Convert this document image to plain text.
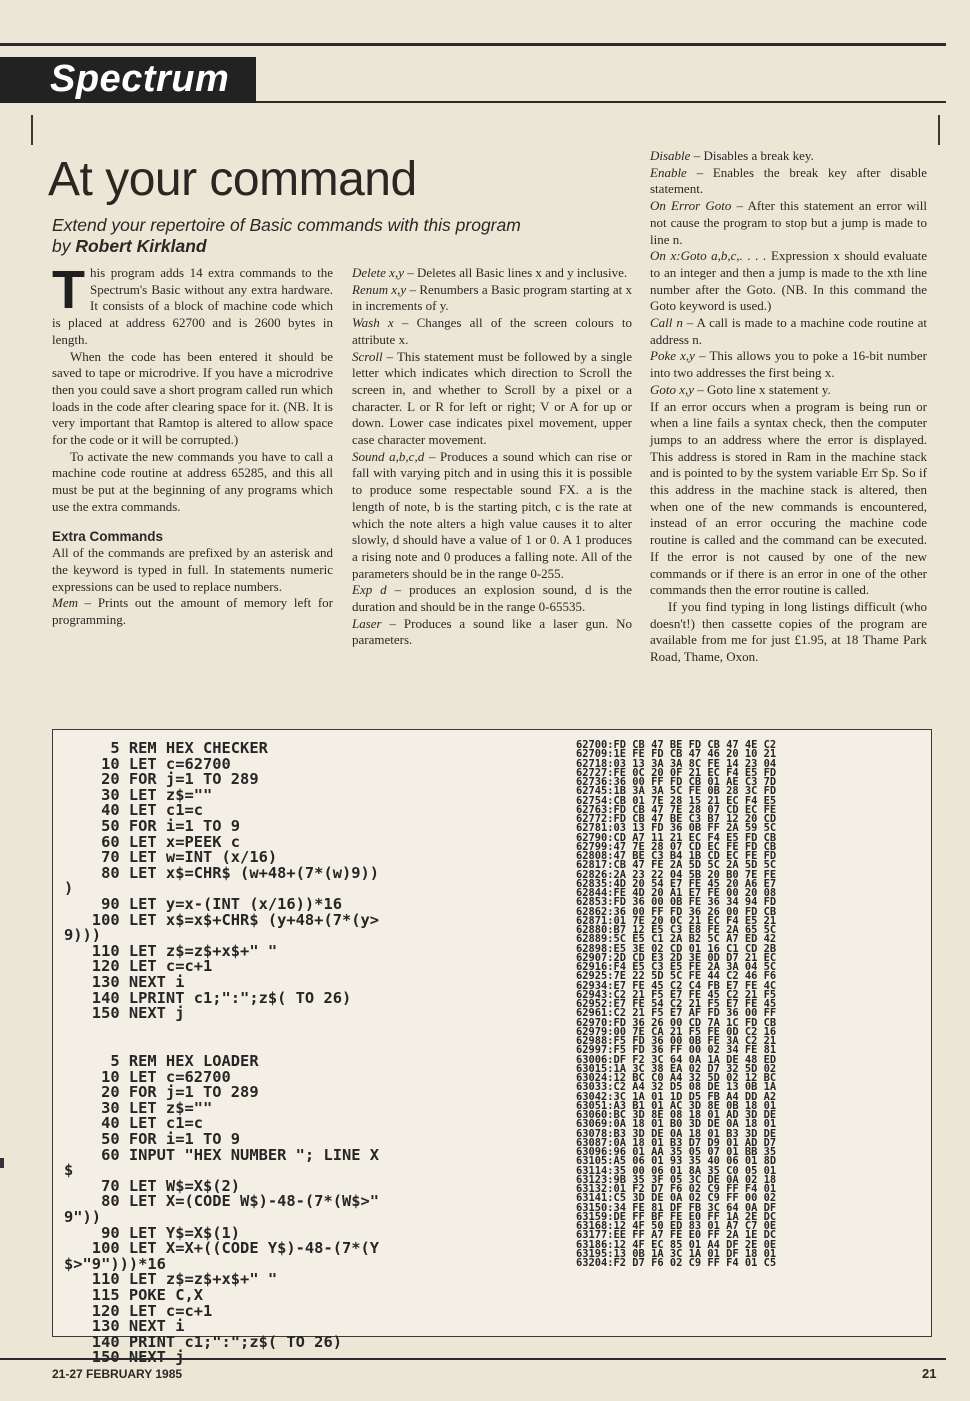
Spectrum
At your command

Extend your repertoire of Basic commands with this program
by Robert Kirkland

This program adds 14 extra commands to the Spectrum's Basic without any extra hardware. It consists of a block of machine code which is placed at address 62700 and is 2600 bytes in length.

When the code has been entered it should be saved to tape or microdrive. If you have a microdrive then you could save a short program called run which loads in the code after clearing space for it. (NB. It is very important that Ramtop is altered to allow space for the code or it will be corrupted.)

To activate the new commands you have to call a machine code routine at address 65285, and this all must be put at the beginning of any programs which use the extra commands.

Extra Commands

All of the commands are prefixed by an asterisk and the keyword is typed in full. In statements numeric expressions can be used to replace numbers.

Mem – Prints out the amount of memory left for programming.

Delete x,y – Deletes all Basic lines x and y inclusive.

Renum x,y – Renumbers a Basic program starting at x in increments of y.

Wash x – Changes all of the screen colours to attribute x.

Scroll – This statement must be followed by a single letter which indicates which direction to Scroll the screen in, and whether to Scroll by a pixel or a character. L or R for left or right; V or A for up or down. Lower case indicates pixel movement, upper case character movement.

Sound a,b,c,d – Produces a sound which can rise or fall with varying pitch and in using this it is possible to produce some respectable sound FX. a is the length of note, b is the starting pitch, c is the rate at which the note alters a high value causes it to alter slowly, d should have a value of 1 or 0. A 1 produces a rising note and 0 produces a falling note. All of the parameters should be in the range 0-255.

Exp d – produces an explosion sound, d is the duration and should be in the range 0-65535.

Laser – Produces a sound like a laser gun. No parameters.

Disable – Disables a break key.

Enable – Enables the break key after disable statement.

On Error Goto – After this statement an error will not cause the program to stop but a jump is made to line n.

On x:Goto a,b,c,. . . . Expression x should evaluate to an integer and then a jump is made to the xth line number after the Goto. (NB. In this command the Goto keyword is used.)

Call n – A call is made to a machine code routine at address n.

Poke x,y – This allows you to poke a 16-bit number into two addresses the first being x.

Goto x,y – Goto line x statement y.

If an error occurs when a program is being run or when a line fails a syntax check, then the computer jumps to an address where the error is displayed. This address is stored in Ram in the machine stack and is pointed to by the system variable Err Sp. So if this address in the machine stack is altered, then when one of the new commands is encountered, instead of an error occuring the machine code routine is called and the command can be executed. If the error is not caused by one of the new commands or if there is an error in one of the other commands then the error routine is called.

If you find typing in long listings difficult (who doesn't!) then cassette copies of the program are available from me for just £1.95, at 18 Thame Park Road, Thame, Oxon.

5 REM HEX CHECKER
10 LET c=62700
20 FOR j=1 TO 289
30 LET z$=""
40 LET c1=c
50 FOR i=1 TO 9
60 LET x=PEEK c
70 LET w=INT (x/16)
80 LET x$=CHR$ (w+48+(7*(w)9))
)
90 LET y=x-(INT (x/16))*16
100 LET x$=x$+CHR$ (y+48+(7*(y>
9)))
110 LET z$=z$+x$+" "
120 LET c=c+1
130 NEXT i
140 LPRINT c1;":";z$( TO 26)
150 NEXT j
5 REM HEX LOADER
10 LET c=62700
20 FOR j=1 TO 289
30 LET z$=""
40 LET c1=c
50 FOR i=1 TO 9
60 INPUT "HEX NUMBER "; LINE X
$
70 LET W$=X$(2)
80 LET X=(CODE W$)-48-(7*(W$>"
9"))
90 LET Y$=X$(1)
100 LET X=X+((CODE Y$)-48-(7*(Y
$>"9")))*16
110 LET z$=z$+x$+" "
115 POKE C,X
120 LET c=c+1
130 NEXT i
140 PRINT c1;":";z$( TO 26)

62700:FD CB 47 BE FD CB 47 4E C2
62709:1E FE FD CB 47 46 20 10 21
62718:03 13 3A 3A 8C FE 14 23 04
62727:FE 0C 20 0F 21 EC F4 E5 FD
62736:36 00 FF FD CB 01 AE C3 7D
62745:1B 3A 3A 5C FE 0B 28 3C FD
62754:CB 01 7E 28 15 21 EC F4 E5
62763:FD CB 47 7E 28 07 CD EC FE
62772:FD CB 47 BE C3 B7 12 20 CD
62781:03 13 FD 36 0B FF 2A 59 5C
62790:CD A7 11 21 EC F4 E5 FD CB
62799:47 7E 28 07 CD EC FE FD CB
62808:47 BE C3 B4 1B CD EC FE FD
62817:CB 47 FE 2A 5D 5C 2A 5D 5C
62826:2A 23 22 04 5B 20 B0 7E FE
62835:4D 20 54 E7 FE 45 20 A6 E7
62844:FE 4D 20 A1 E7 FE 00 20 08
62853:FD 36 00 0B FE 36 34 94 FD
62862:36 00 FF FD 36 26 00 FD CB
62871:01 7E 20 0C 21 EC F4 E5 21
62880:B7 12 E5 C3 E8 FE 2A 65 5C
62889:5C E5 C1 2A B2 5C A7 ED 42
62898:E5 3E 02 CD 01 16 C1 CD 2B
62907:2D CD E3 2D 3E 0D D7 21 EC
62916:F4 E5 C3 E5 FE 2A 3A 04 5C
62925:7E 22 5D 5C FE 44 C2 46 F6
62934:E7 FE 45 C2 C4 FB E7 FE 4C
62943:C2 21 F5 E7 FE 45 C2 21 F5
62952:E7 FE 54 C2 21 F5 E7 FE 45
62961:C2 21 F5 E7 AF FD 36 00 FF
62970:FD 36 26 00 CD 7A 1C FD CB
62979:00 7E CA 21 F5 FE 0D C2 16
62988:F5 FD 36 00 0B FE 3A C2 21
62997:F5 FD 36 FF 00 02 34 FE 81
63006:DF F2 3C 64 0A 1A DE 48 ED
63015:1A 3C 38 EA 02 D7 32 5D 02
63024:12 BC C0 A4 32 5D 02 12 BC
63033:C2 A4 32 D5 08 DE 13 0B 1A
63042:3C 1A 01 1D D5 FB A4 DD A2
63051:A3 B1 01 AC 3D 8E 0B 18 01
63060:BC 3D 8E 08 18 01 AD 3D DE
63069:0A 18 01 B0 3D DE 0A 18 01
63078:B3 3D DE 0A 18 01 B3 3D DE
63087:0A 18 01 B3 D7 D9 01 AD D7
63096:96 01 AA 35 05 07 01 BB 35
63105:A5 06 01 93 35 40 06 01 8D
63114:35 00 06 01 8A 35 C0 05 01
63123:9B 35 3F 05 3C DE 0A 02 18
63132:01 F2 D7 F6 02 C9 FF F4 01
63141:C5 3D DE 0A 02 C9 FF 00 02
63150:34 FE 81 DF FB 3C 64 0A DF
63159:DE FF BF FE E0 FF 1A 2E DC
63168:12 4F 50 ED 83 01 A7 C7 0E
63177:EE FF A7 FE E0 FF 2A 1E DC
63186:12 4F EC 85 01 A4 DF 2E 0E
63195:13 0B 1A 3C 1A 01 DF 18 01
63204:F2 D7 F6 02 C9 FF F4 01 C5
21-27 FEBRUARY 1985	21
